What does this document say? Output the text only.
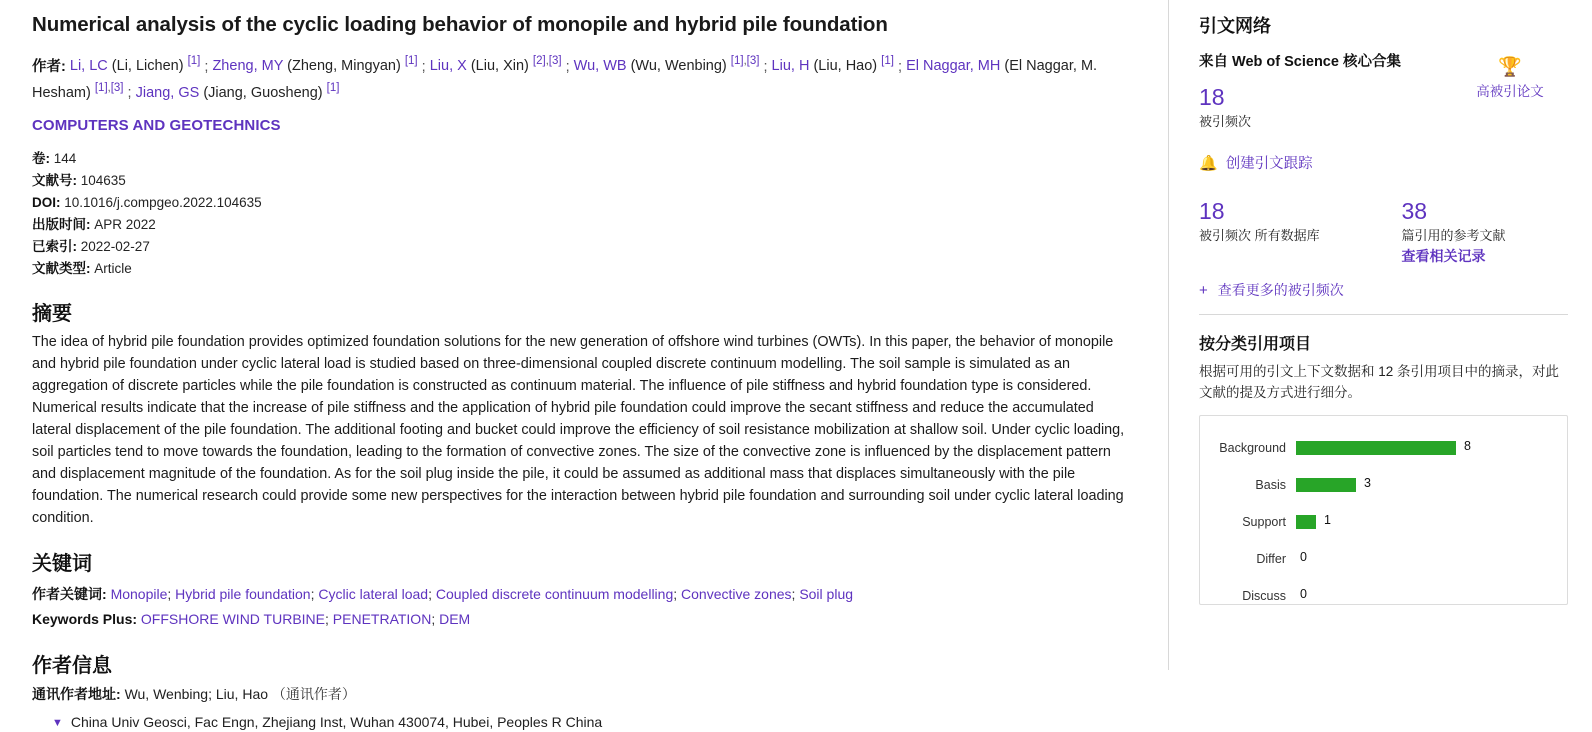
Numerical analysis of the cyclic loading behavior of monopile and hybrid pile foundation
作者: Li, LC (Li, Lichen) [1] ; Zheng, MY (Zheng, Mingyan) [1] ; Liu, X (Liu, Xin) [2],[3] ; Wu, WB (Wu, Wenbing) [1],[3] ; Liu, H (Liu, Hao) [1] ; El Naggar, MH (El Naggar, M. Hesham) [1],[3] ; Jiang, GS (Jiang, Guosheng) [1]
COMPUTERS AND GEOTECHNICS
卷: 144
文献号: 104635
DOI: 10.1016/j.compgeo.2022.104635
出版时间: APR 2022
已索引: 2022-02-27
文献类型: Article
摘要
The idea of hybrid pile foundation provides optimized foundation solutions for the new generation of offshore wind turbines (OWTs). In this paper, the behavior of monopile and hybrid pile foundation under cyclic lateral load is studied based on three-dimensional coupled discrete continuum modelling. The soil sample is simulated as an aggregation of discrete particles while the pile foundation is constructed as continuum material. The influence of pile stiffness and hybrid foundation type is considered. Numerical results indicate that the increase of pile stiffness and the application of hybrid pile foundation could improve the secant stiffness and reduce the accumulated lateral displacement of the pile foundation. The additional footing and bucket could improve the efficiency of soil resistance mobilization at shallow soil. Under cyclic loading, soil particles tend to move towards the foundation, leading to the formation of convective zones. The size of the convective zone is influenced by the displacement pattern and displacement magnitude of the foundation. As for the soil plug inside the pile, it could be assumed as additional mass that displaces simultaneously with the pile foundation. The numerical research could provide some new perspectives for the interaction between hybrid pile foundation and surrounding soil under cyclic lateral loading condition.
关键词
作者关键词: Monopile; Hybrid pile foundation; Cyclic lateral load; Coupled discrete continuum modelling; Convective zones; Soil plug
Keywords Plus: OFFSHORE WIND TURBINE; PENETRATION; DEM
作者信息
通讯作者地址: Wu, Wenbing; Liu, Hao （通讯作者）
▼ China Univ Geosci, Fac Engn, Zhejiang Inst, Wuhan 430074, Hubei, Peoples R China
引文网络
来自 Web of Science 核心合集
18
被引频次
🏆
高被引论文
🔔 创建引文跟踪
18
被引频次 所有数据库
38
篇引用的参考文献
查看相关记录
+ 查看更多的被引频次
按分类引用项目
根据可用的引文上下文数据和 12 条引用项目中的摘录，对此文献的提及方式进行细分。
Background	8
Basis	3
Support	1
Differ	0
Discuss	0
